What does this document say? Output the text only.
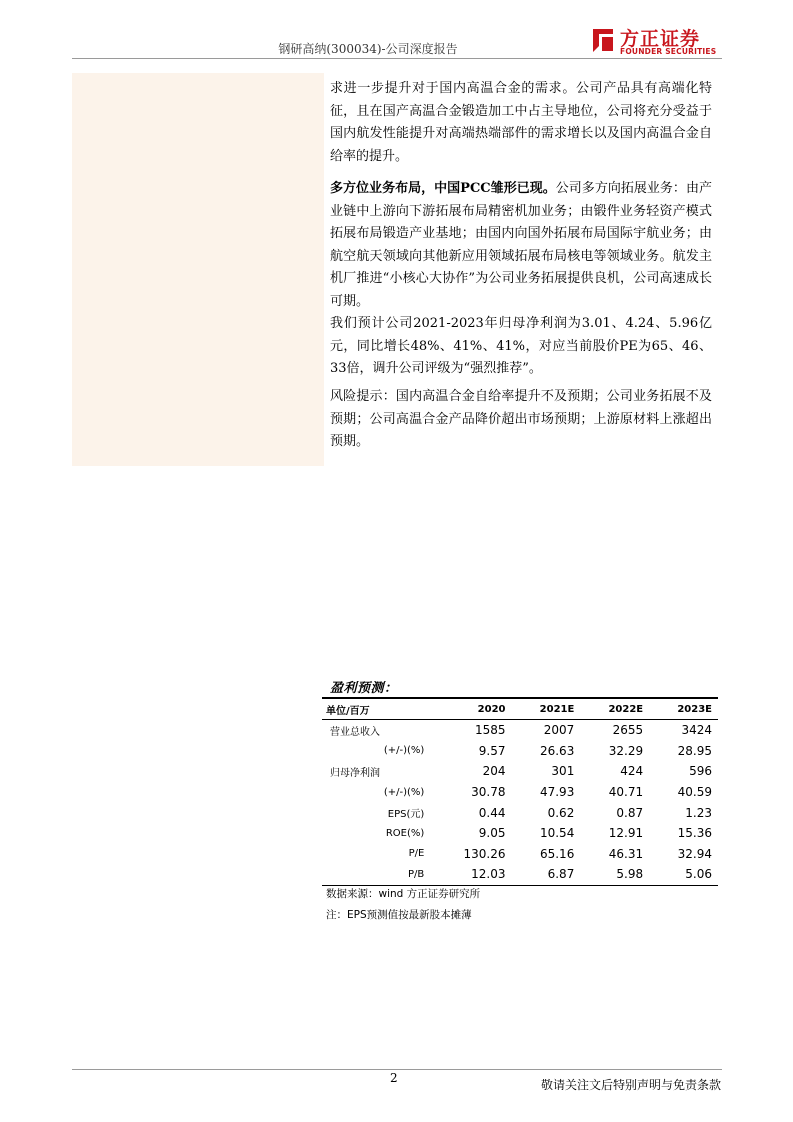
钢研高纳(300034)-公司深度报告	方正证券
FOUNDER SECURITIES

求进一步提升对于国内高温合金的需求。公司产品具有高端化特征，且在国产高温合金锻造加工中占主导地位，公司将充分受益于国内航发性能提升对高端热端部件的需求增长以及国内高温合金自给率的提升。

多方位业务布局，中国PCC雏形已现。公司多方向拓展业务：由产业链中上游向下游拓展布局精密机加业务；由锻件业务轻资产模式拓展布局锻造产业基地；由国内向国外拓展布局国际宇航业务；由航空航天领域向其他新应用领域拓展布局核电等领域业务。航发主机厂推进“小核心大协作”为公司业务拓展提供良机，公司高速成长可期。

我们预计公司2021-2023年归母净利润为3.01、4.24、5.96亿元，同比增长48%、41%、41%，对应当前股价PE为65、46、33倍，调升公司评级为“强烈推荐”。

风险提示：国内高温合金自给率提升不及预期；公司业务拓展不及预期；公司高温合金产品降价超出市场预期；上游原材料上涨超出预期。

盈利预测：
单位/百万	2020	2021E	2022E	2023E
营业总收入	1585	2007	2655	3424
(+/-)(%)	9.57	26.63	32.29	28.95
归母净利润	204	301	424	596
(+/-)(%)	30.78	47.93	40.71	40.59
EPS(元)	0.44	0.62	0.87	1.23
ROE(%)	9.05	10.54	12.91	15.36
P/E	130.26	65.16	46.31	32.94
P/B	12.03	6.87	5.98	5.06
数据来源：wind 方正证券研究所
注：EPS预测值按最新股本摊薄
2	敬请关注文后特别声明与免责条款
